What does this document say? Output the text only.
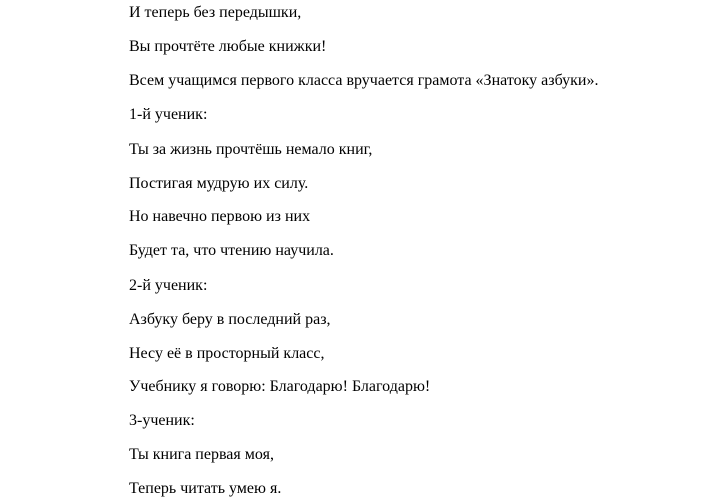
И теперь без передышки,
Вы прочтёте любые книжки!
Всем учащимся первого класса вручается грамота «Знатоку азбуки».
1-й ученик:
Ты за жизнь прочтёшь немало книг,
Постигая мудрую их силу.
Но навечно первою из них
Будет та, что чтению научила.
2-й ученик:
Азбуку беру в последний раз,
Несу её в просторный класс,
Учебнику я говорю: Благодарю! Благодарю!
3-ученик:
Ты книга первая моя,
Теперь читать умею я.
